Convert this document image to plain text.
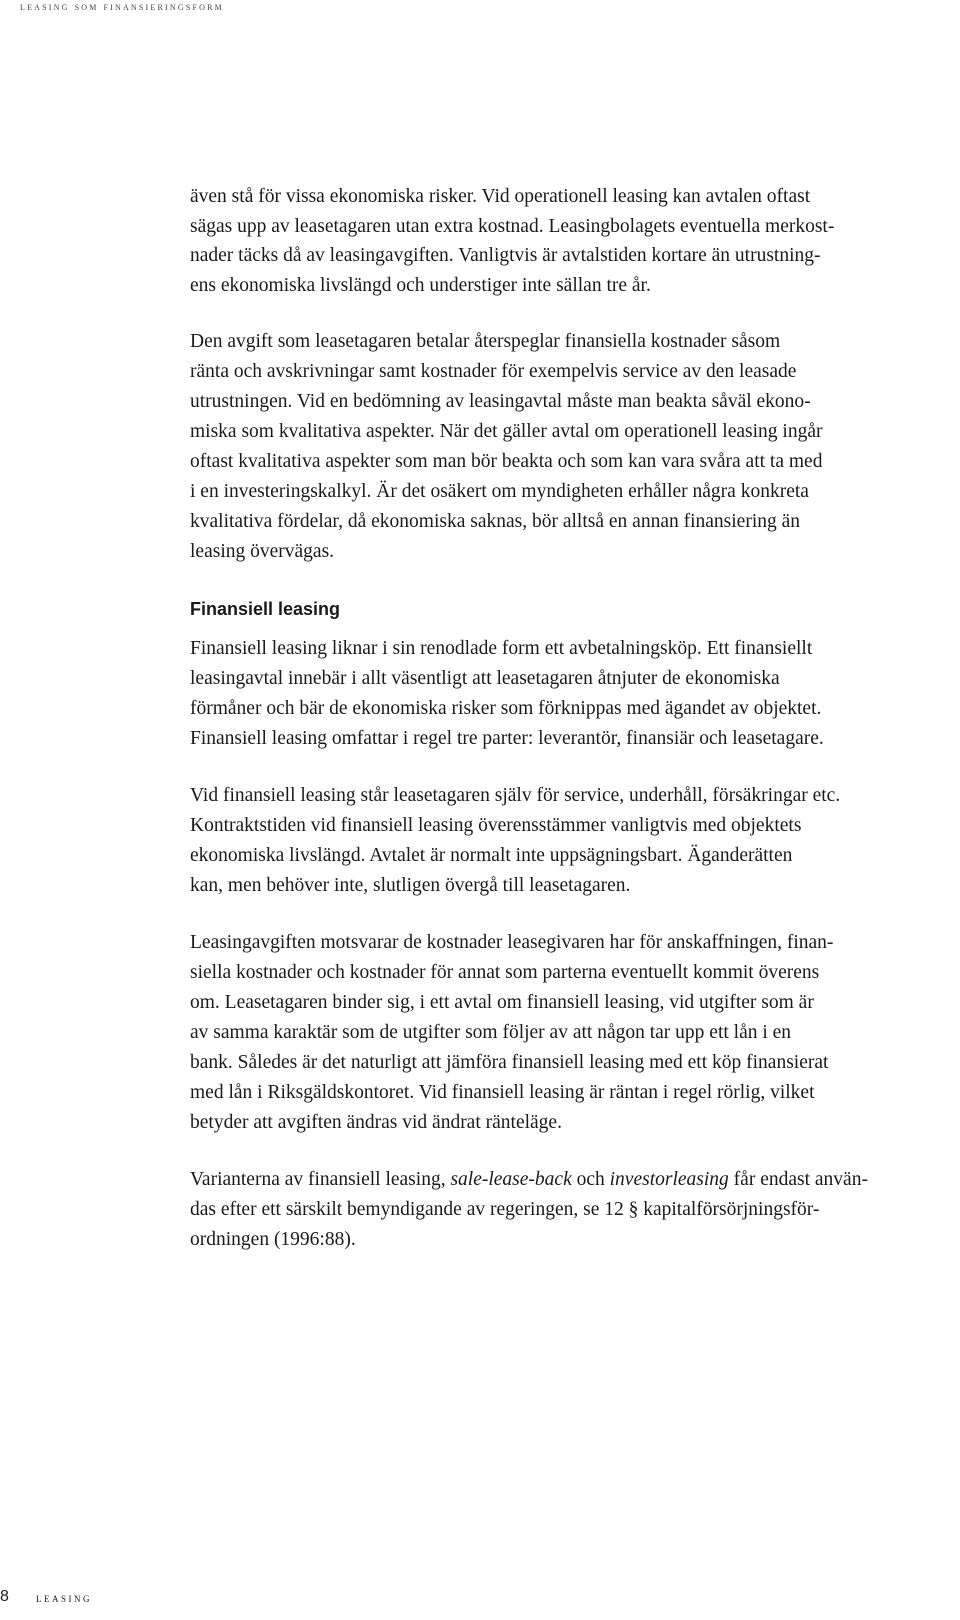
leasing som finansieringsform

även stå för vissa ekonomiska risker. Vid operationell leasing kan avtalen oftast
sägas upp av leasetagaren utan extra kostnad. Leasingbolagets eventuella merkost-
nader täcks då av leasingavgiften. Vanligtvis är avtalstiden kortare än utrustning-
ens ekonomiska livslängd och understiger inte sällan tre år.

Den avgift som leasetagaren betalar återspeglar finansiella kostnader såsom
ränta och avskrivningar samt kostnader för exempelvis service av den leasade
utrustningen. Vid en bedömning av leasingavtal måste man beakta såväl ekono-
miska som kvalitativa aspekter. När det gäller avtal om operationell leasing ingår
oftast kvalitativa aspekter som man bör beakta och som kan vara svåra att ta med
i en investeringskalkyl. Är det osäkert om myndigheten erhåller några konkreta
kvalitativa fördelar, då ekonomiska saknas, bör alltså en annan finansiering än
leasing övervägas.

Finansiell leasing

Finansiell leasing liknar i sin renodlade form ett avbetalningsköp. Ett finansiellt
leasingavtal innebär i allt väsentligt att leasetagaren åtnjuter de ekonomiska
förmåner och bär de ekonomiska risker som förknippas med ägandet av objektet.
Finansiell leasing omfattar i regel tre parter: leverantör, finansiär och leasetagare.

Vid finansiell leasing står leasetagaren själv för service, underhåll, försäkringar etc.
Kontraktstiden vid finansiell leasing överensstämmer vanligtvis med objektets
ekonomiska livslängd. Avtalet är normalt inte uppsägningsbart. Äganderätten
kan, men behöver inte, slutligen övergå till leasetagaren.

Leasingavgiften motsvarar de kostnader leasegivaren har för anskaffningen, finan-
siella kostnader och kostnader för annat som parterna eventuellt kommit överens
om. Leasetagaren binder sig, i ett avtal om finansiell leasing, vid utgifter som är
av samma karaktär som de utgifter som följer av att någon tar upp ett lån i en
bank. Således är det naturligt att jämföra finansiell leasing med ett köp finansierat
med lån i Riksgäldskontoret. Vid finansiell leasing är räntan i regel rörlig, vilket
betyder att avgiften ändras vid ändrat ränteläge.

Varianterna av finansiell leasing, sale-lease-back och investorleasing får endast använ-
das efter ett särskilt bemyndigande av regeringen, se 12 § kapitalförsörjningsför-
ordningen (1996:88).

8 leasing
